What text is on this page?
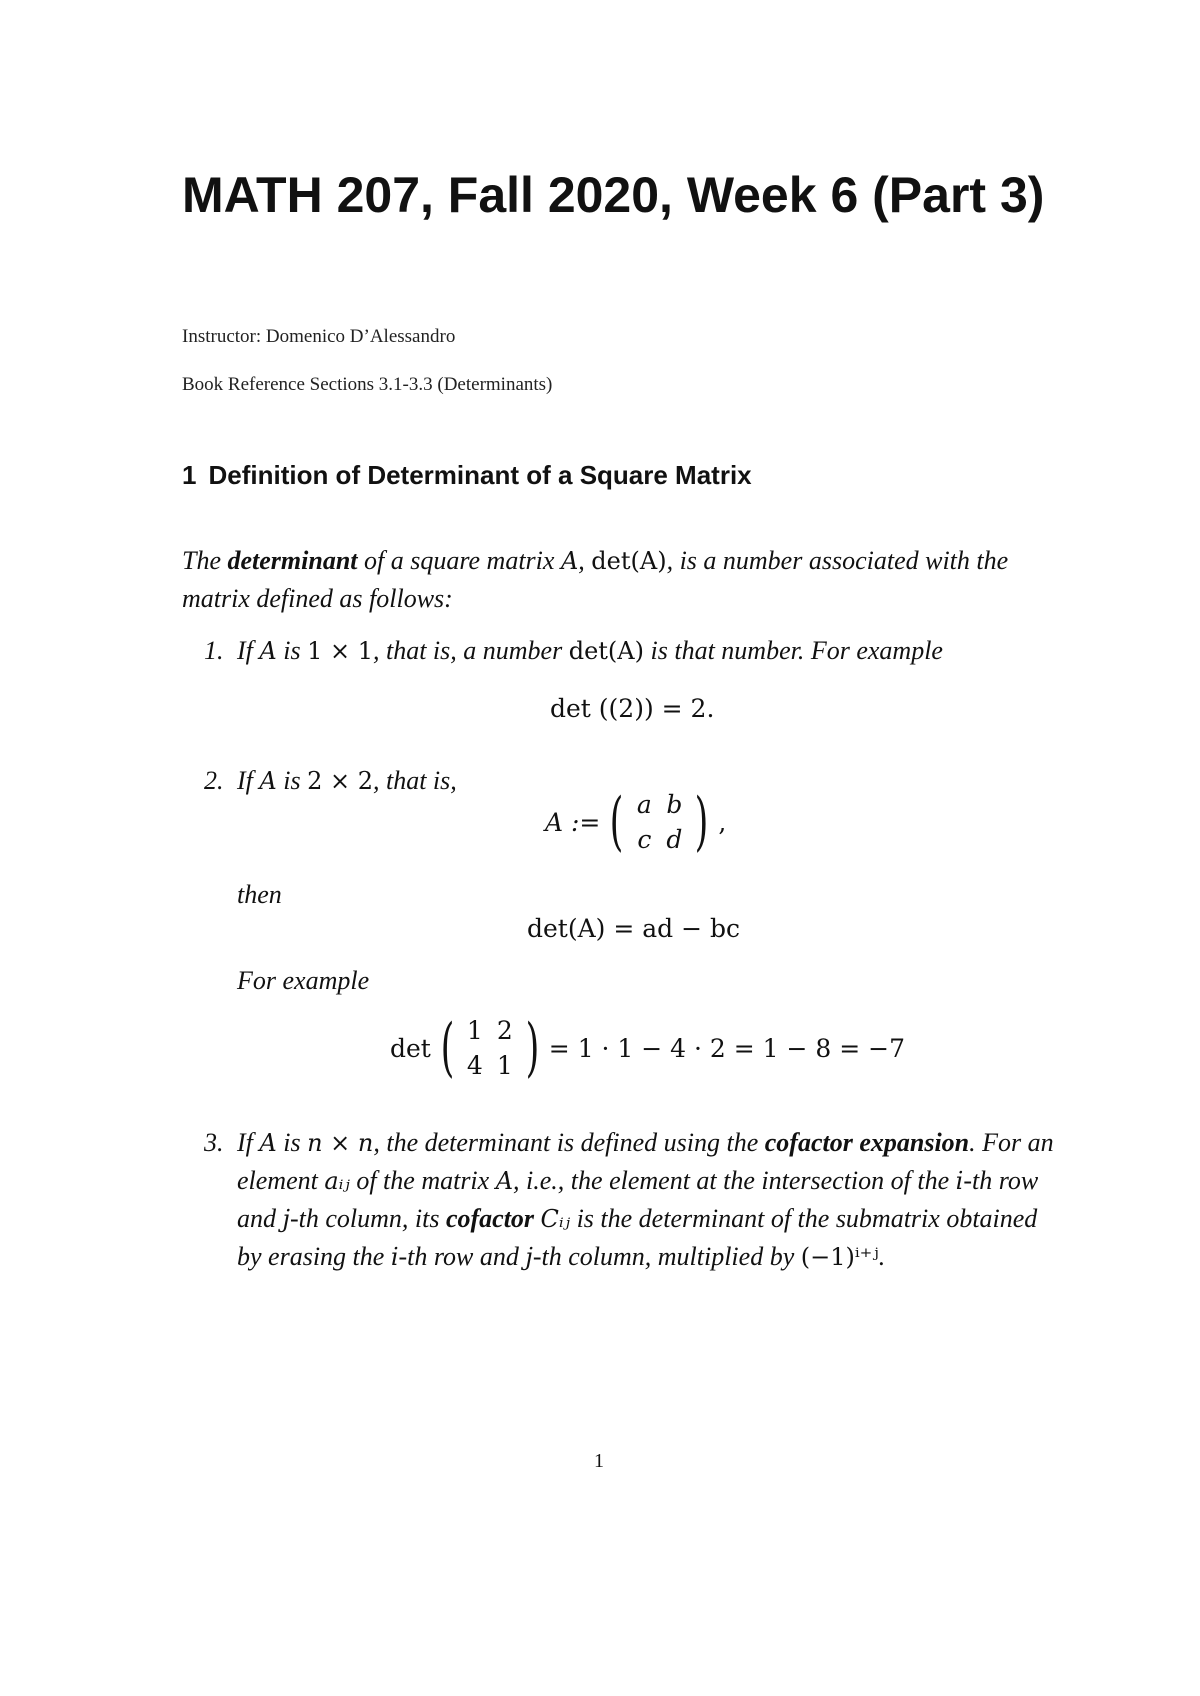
MATH 207, Fall 2020, Week 6 (Part 3)
Instructor: Domenico D’Alessandro
Book Reference Sections 3.1-3.3 (Determinants)
1 Definition of Determinant of a Square Matrix
The determinant of a square matrix A, det(A), is a number associated with the matrix defined as follows:
1. If A is 1 × 1, that is, a number det(A) is that number. For example
det ((2)) = 2.
2. If A is 2 × 2, that is,
A := ( a b
c d ) ,
then
det(A) = ad − bc
For example
det ( 1 2
4 1 ) = 1 · 1 − 4 · 2 = 1 − 8 = −7
3. If A is n × n, the determinant is defined using the cofactor expansion. For an element aᵢⱼ of the matrix A, i.e., the element at the intersection of the i-th row and j-th column, its cofactor Cᵢⱼ is the determinant of the submatrix obtained by erasing the i-th row and j-th column, multiplied by (−1)ⁱ⁺ʲ.
1
